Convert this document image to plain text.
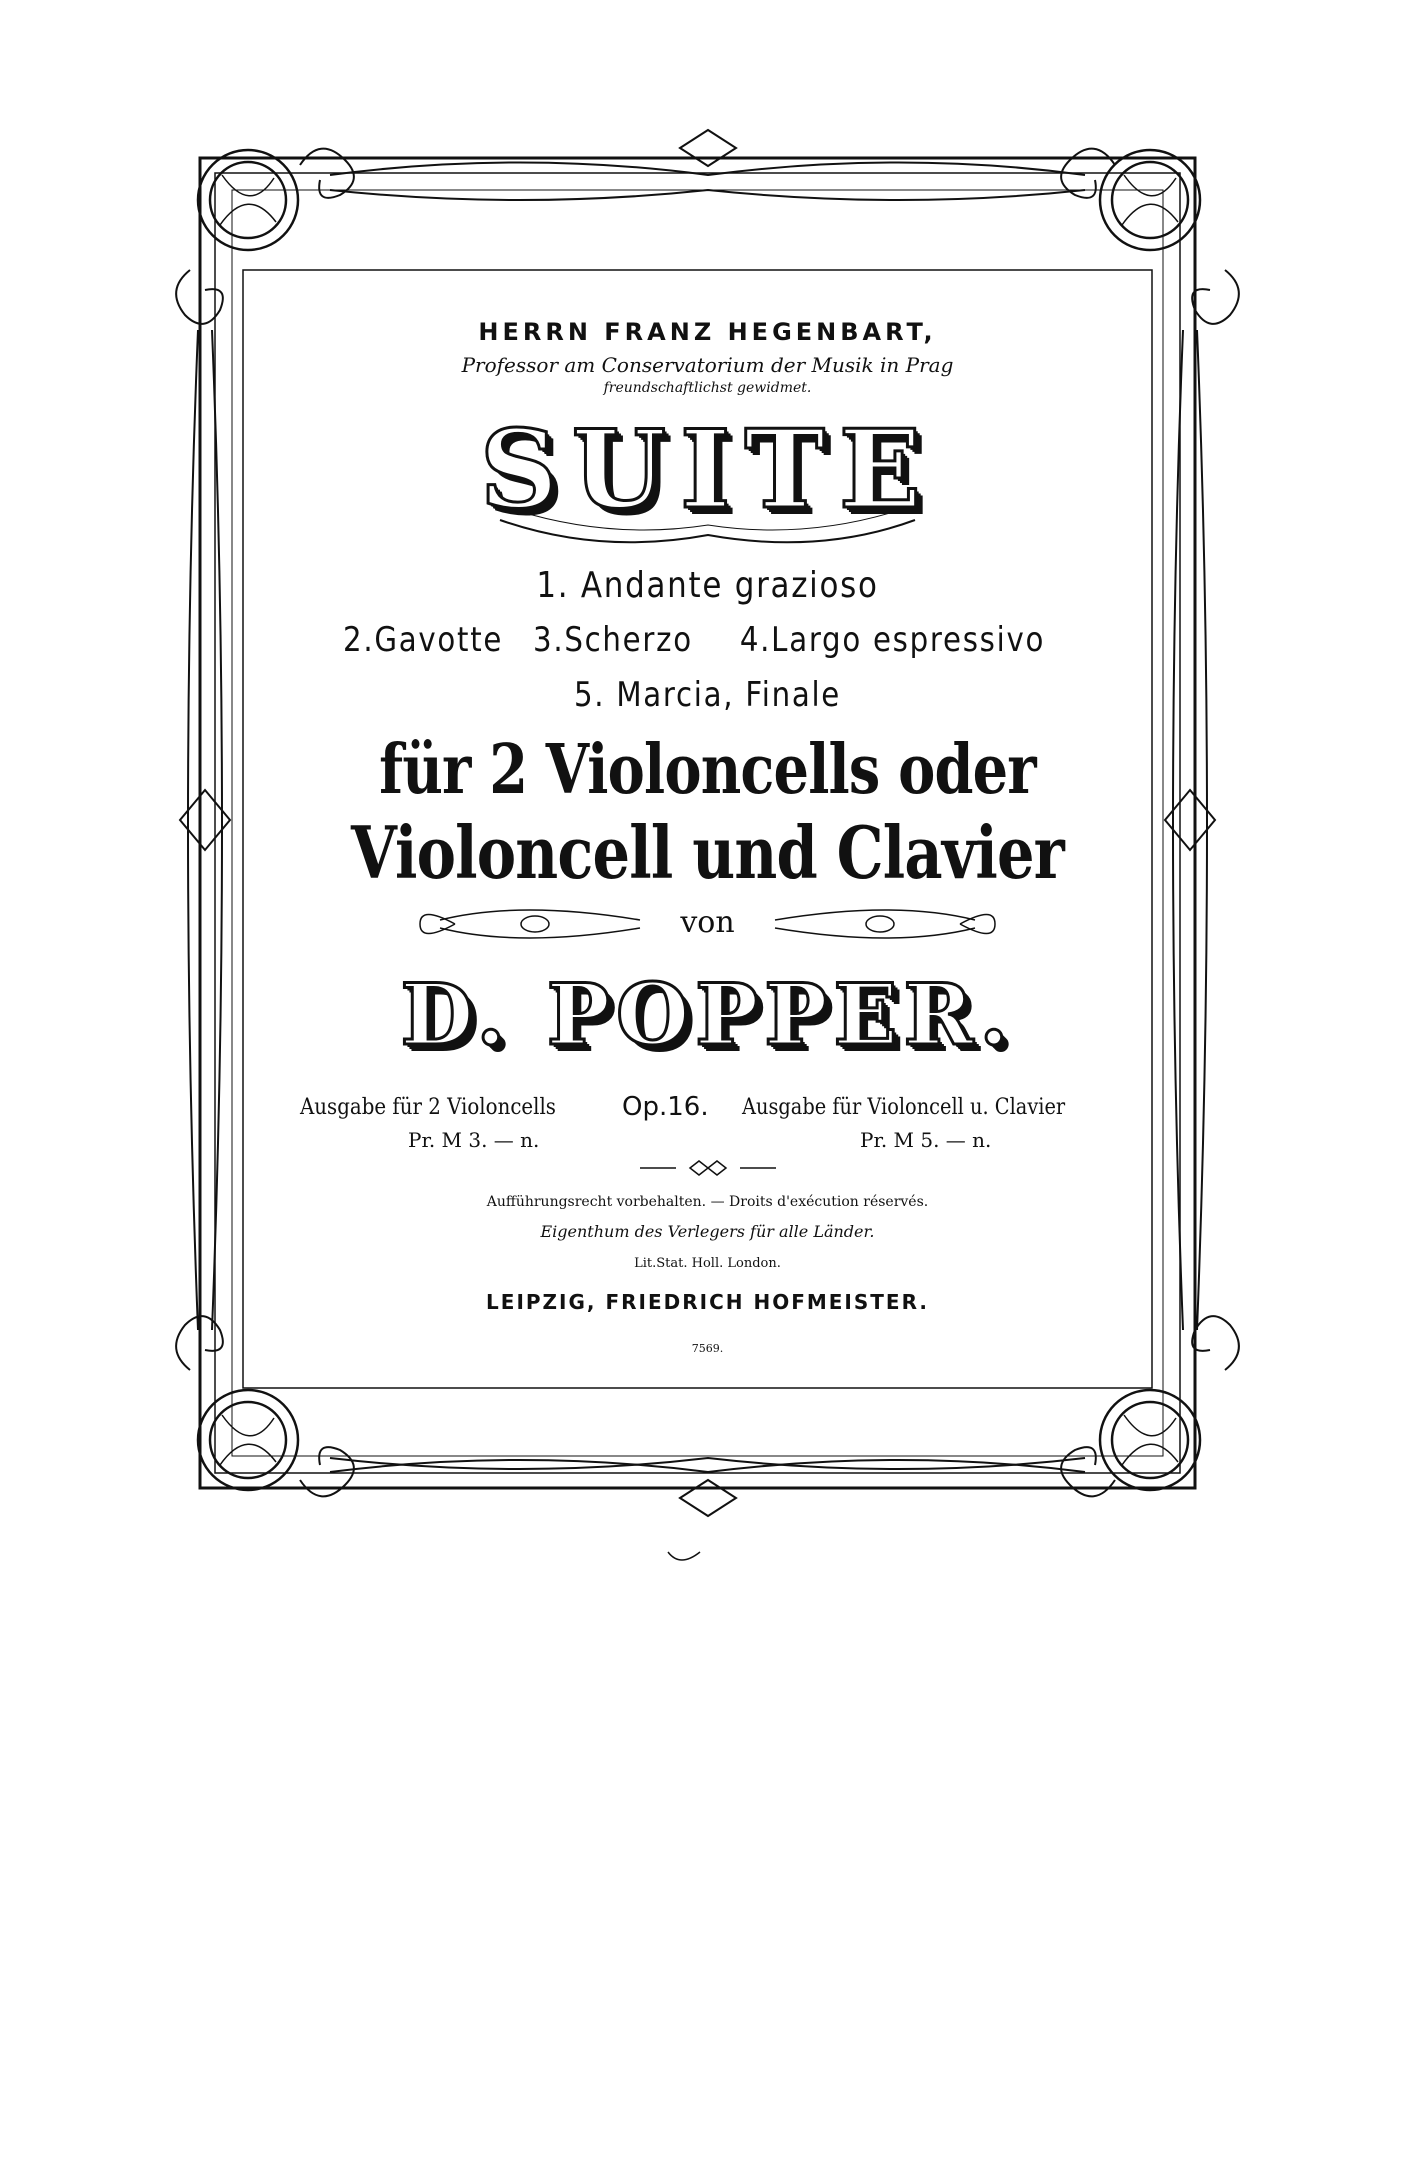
HERRN FRANZ HEGENBART,
Professor am Conservatorium der Musik in Prag
freundschaftlichst gewidmet.
SUITE
1. Andante grazioso
2.Gavotte 3.Scherzo 4.Largo espressivo
5. Marcia, Finale
für 2 Violoncells oder
Violoncell und Clavier
von
D. POPPER.
Ausgabe für 2 Violoncells	Op.16. Ausgabe für Violoncell u. Clavier
Pr. M 3. — n.	Pr. M 5. — n.
Aufführungsrecht vorbehalten. — Droits d'exécution réservés.
Eigenthum des Verlegers für alle Länder.
Lit.Stat. Holl. London.
LEIPZIG, FRIEDRICH HOFMEISTER.
7569.
